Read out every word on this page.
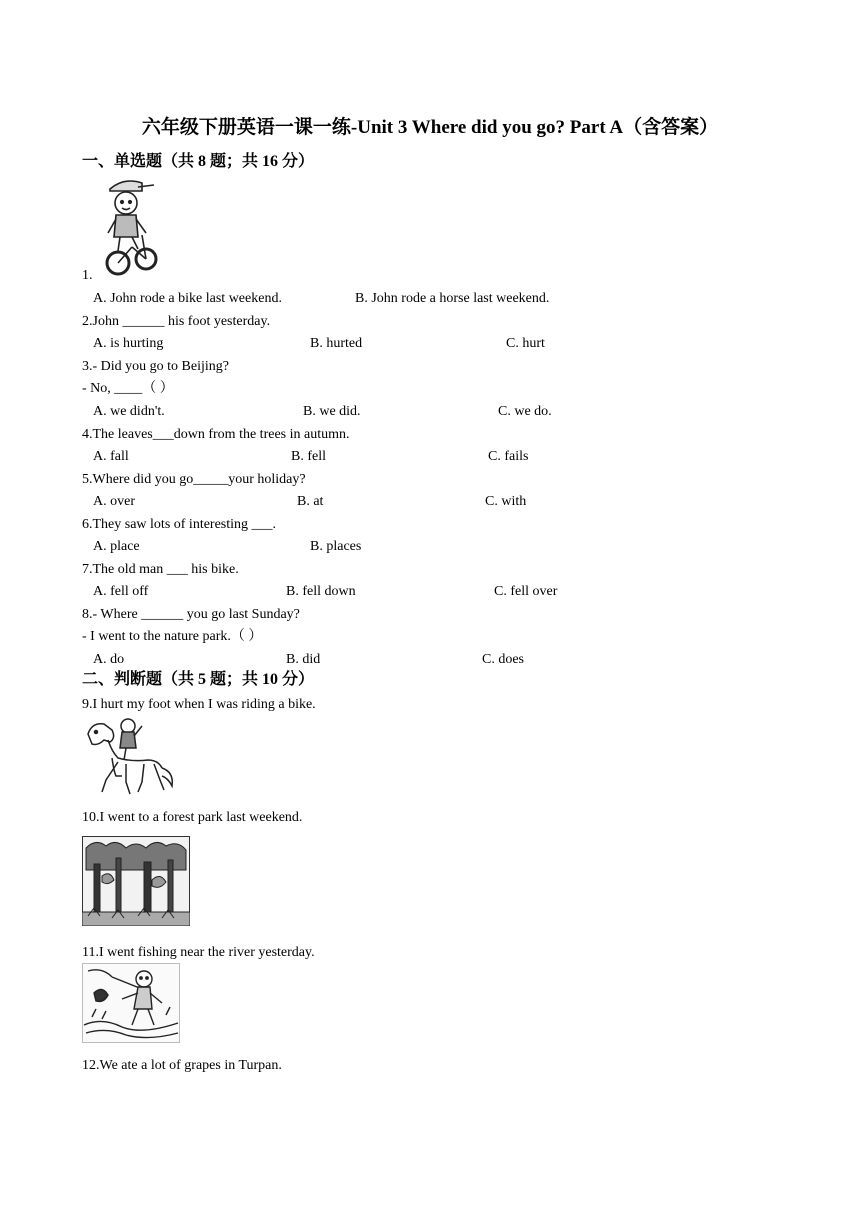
六年级下册英语一课一练-Unit 3 Where did you go? Part A（含答案）
一、单选题（共 8 题；共 16 分）
1.
A. John rode a bike last weekend.	B. John rode a horse last weekend.
2.John ______ his foot yesterday.
A. is hurting	B. hurted	C. hurt
3.- Did you go to Beijing?
- No, ____（ ）
A. we didn't.	B. we did.	C. we do.
4.The leaves___down from the trees in autumn.
A. fall	B. fell	C. fails
5.Where did you go_____your holiday?
A. over	B. at	C. with
6.They saw lots of interesting ___.
A. place	B. places
7.The old man ___ his bike.
A. fell off	B. fell down	C. fell over
8.- Where ______ you go last Sunday?
- I went to the nature park.（ ）
A. do	B. did	C. does
二、判断题（共 5 题；共 10 分）
9.I hurt my foot when I was riding a bike.
10.I went to a forest park last weekend.
11.I went fishing near the river yesterday.
12.We ate a lot of grapes in Turpan.
